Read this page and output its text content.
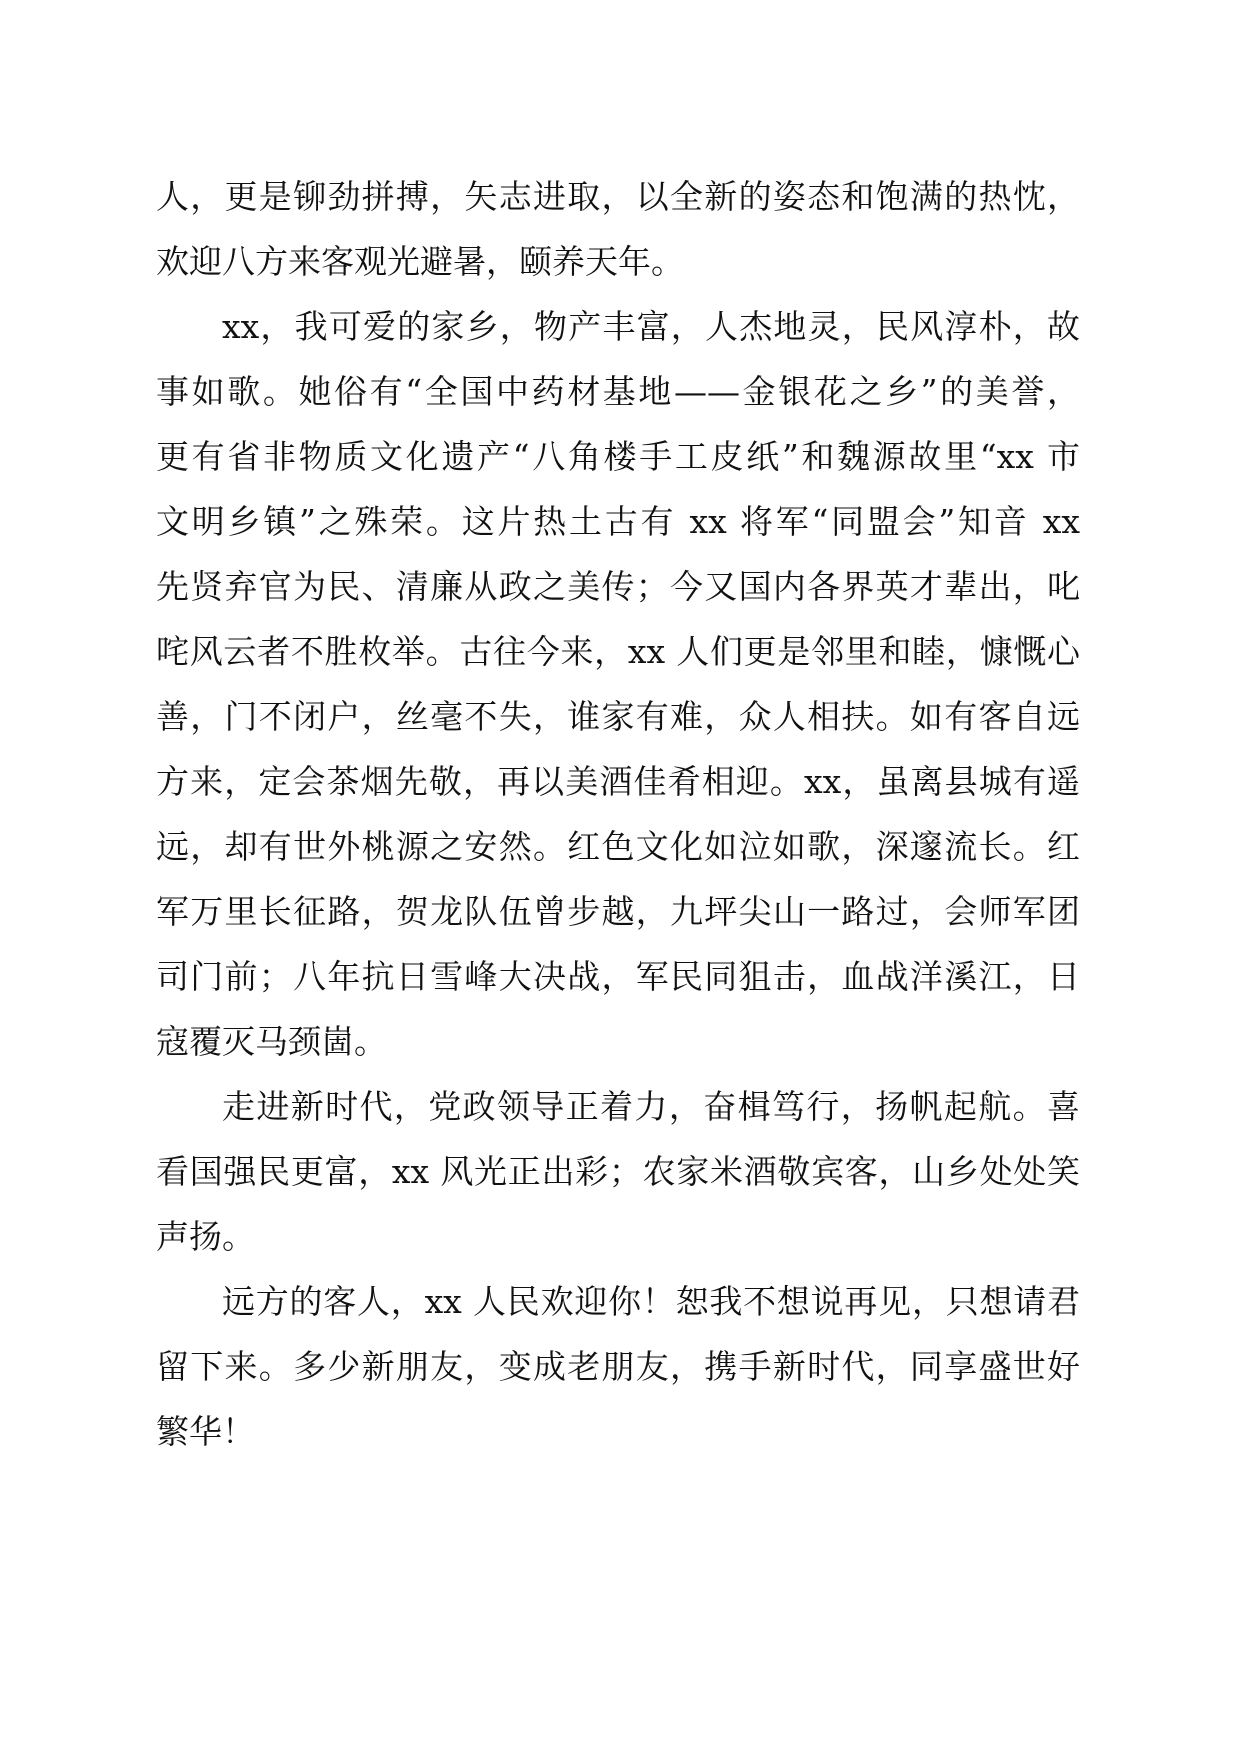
人，更是铆劲拼搏，矢志进取，以全新的姿态和饱满的热忱，
欢迎八方来客观光避暑，颐养天年。

xx，我可爱的家乡，物产丰富，人杰地灵，民风淳朴，故
事如歌。她俗有“全国中药材基地——金银花之乡”的美誉，
更有省非物质文化遗产“八角楼手工皮纸”和魏源故里“xx 市
文明乡镇”之殊荣。这片热土古有 xx 将军“同盟会”知音 xx
先贤弃官为民、清廉从政之美传；今又国内各界英才辈出，叱
咤风云者不胜枚举。古往今来，xx 人们更是邻里和睦，慷慨心
善，门不闭户，丝毫不失，谁家有难，众人相扶。如有客自远
方来，定会茶烟先敬，再以美酒佳肴相迎。xx，虽离县城有遥
远，却有世外桃源之安然。红色文化如泣如歌，深邃流长。红
军万里长征路，贺龙队伍曾步越，九坪尖山一路过，会师军团
司门前；八年抗日雪峰大决战，军民同狙击，血战洋溪江，日
寇覆灭马颈崮。

走进新时代，党政领导正着力，奋楫笃行，扬帆起航。喜
看国强民更富，xx 风光正出彩；农家米酒敬宾客，山乡处处笑
声扬。

远方的客人，xx 人民欢迎你！恕我不想说再见，只想请君
留下来。多少新朋友，变成老朋友，携手新时代，同享盛世好
繁华！
